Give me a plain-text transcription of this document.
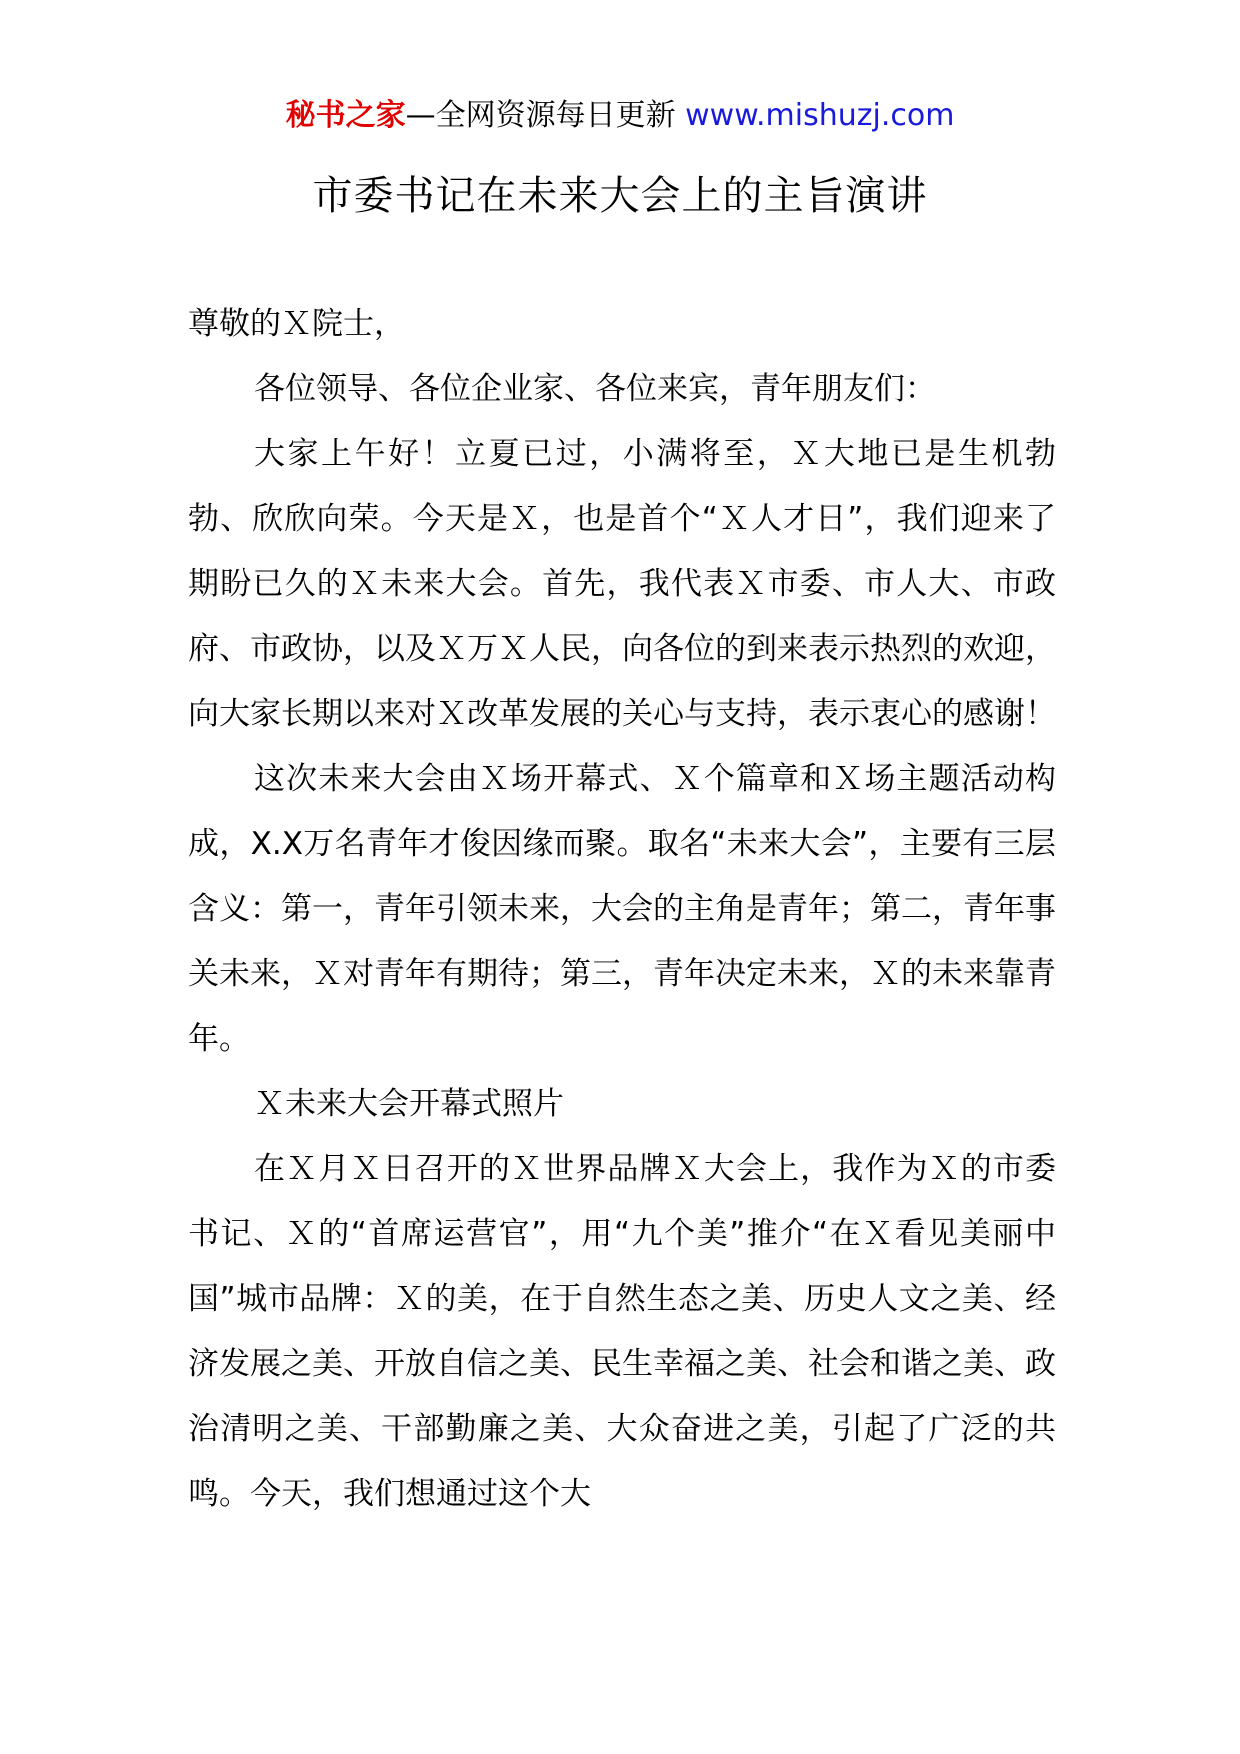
秘书之家—全网资源每日更新 www.mishuzj.com
市委书记在未来大会上的主旨演讲

尊敬的Ｘ院士，

各位领导、各位企业家、各位来宾，青年朋友们：

大家上午好！立夏已过，小满将至，Ｘ大地已是生机勃勃、欣欣向荣。今天是Ｘ，也是首个“Ｘ人才日”，我们迎来了期盼已久的Ｘ未来大会。首先，我代表Ｘ市委、市人大、市政府、市政协，以及Ｘ万Ｘ人民，向各位的到来表示热烈的欢迎，向大家长期以来对Ｘ改革发展的关心与支持，表示衷心的感谢！

这次未来大会由Ｘ场开幕式、Ｘ个篇章和Ｘ场主题活动构成，X.X万名青年才俊因缘而聚。取名“未来大会”，主要有三层含义：第一，青年引领未来，大会的主角是青年；第二，青年事关未来，Ｘ对青年有期待；第三，青年决定未来，Ｘ的未来靠青年。

Ｘ未来大会开幕式照片

在Ｘ月Ｘ日召开的Ｘ世界品牌Ｘ大会上，我作为Ｘ的市委书记、Ｘ的“首席运营官”，用“九个美”推介“在Ｘ看见美丽中国”城市品牌：Ｘ的美，在于自然生态之美、历史人文之美、经济发展之美、开放自信之美、民生幸福之美、社会和谐之美、政治清明之美、干部勤廉之美、大众奋进之美，引起了广泛的共鸣。今天，我们想通过这个大
